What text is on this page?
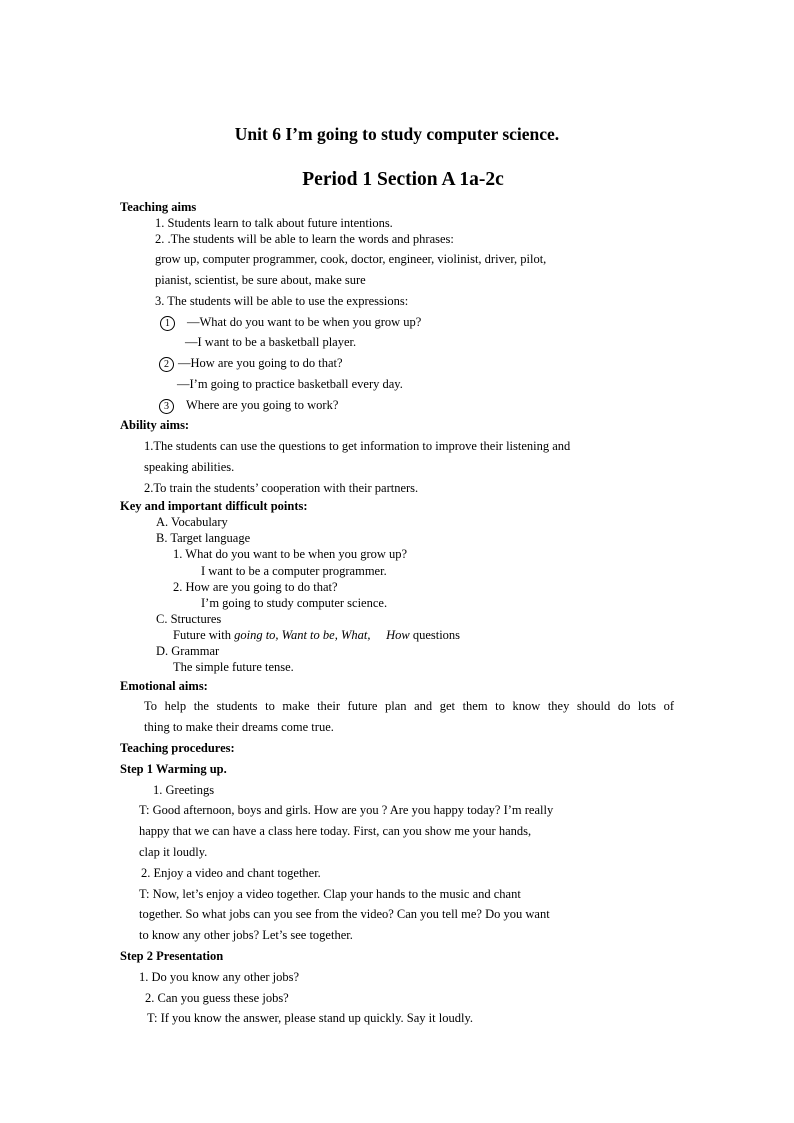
Unit 6 I’m going to study computer science.
Period 1 Section A 1a-2c
Teaching aims
1. Students learn to talk about future intentions.
2. .The students will be able to learn the words and phrases:
grow up, computer programmer, cook, doctor, engineer, violinist, driver, pilot,
pianist, scientist, be sure about, make sure
3. The students will be able to use the expressions:
1 —What do you want to be when you grow up?
—I want to be a basketball player.
2 —How are you going to do that?
—I’m going to practice basketball every day.
3 Where are you going to work?
Ability aims:
1.The students can use the questions to get information to improve their listening and
speaking abilities.
2.To train the students’ cooperation with their partners.
Key and important difficult points:
A. Vocabulary
B. Target language
1. What do you want to be when you grow up?
I want to be a computer programmer.
2. How are you going to do that?
I’m going to study computer science.
C. Structures
Future with going to, Want to be, What, How questions
D. Grammar
The simple future tense.
Emotional aims:
To help the students to make their future plan and get them to know they should do lots of
thing to make their dreams come true.
Teaching procedures:
Step 1 Warming up.
1. Greetings
T: Good afternoon, boys and girls. How are you ? Are you happy today? I’m really
happy that we can have a class here today. First, can you show me your hands,
clap it loudly.
2. Enjoy a video and chant together.
T: Now, let’s enjoy a video together. Clap your hands to the music and chant
together. So what jobs can you see from the video? Can you tell me? Do you want
to know any other jobs? Let’s see together.
Step 2 Presentation
1. Do you know any other jobs?
2. Can you guess these jobs?
T: If you know the answer, please stand up quickly. Say it loudly.
